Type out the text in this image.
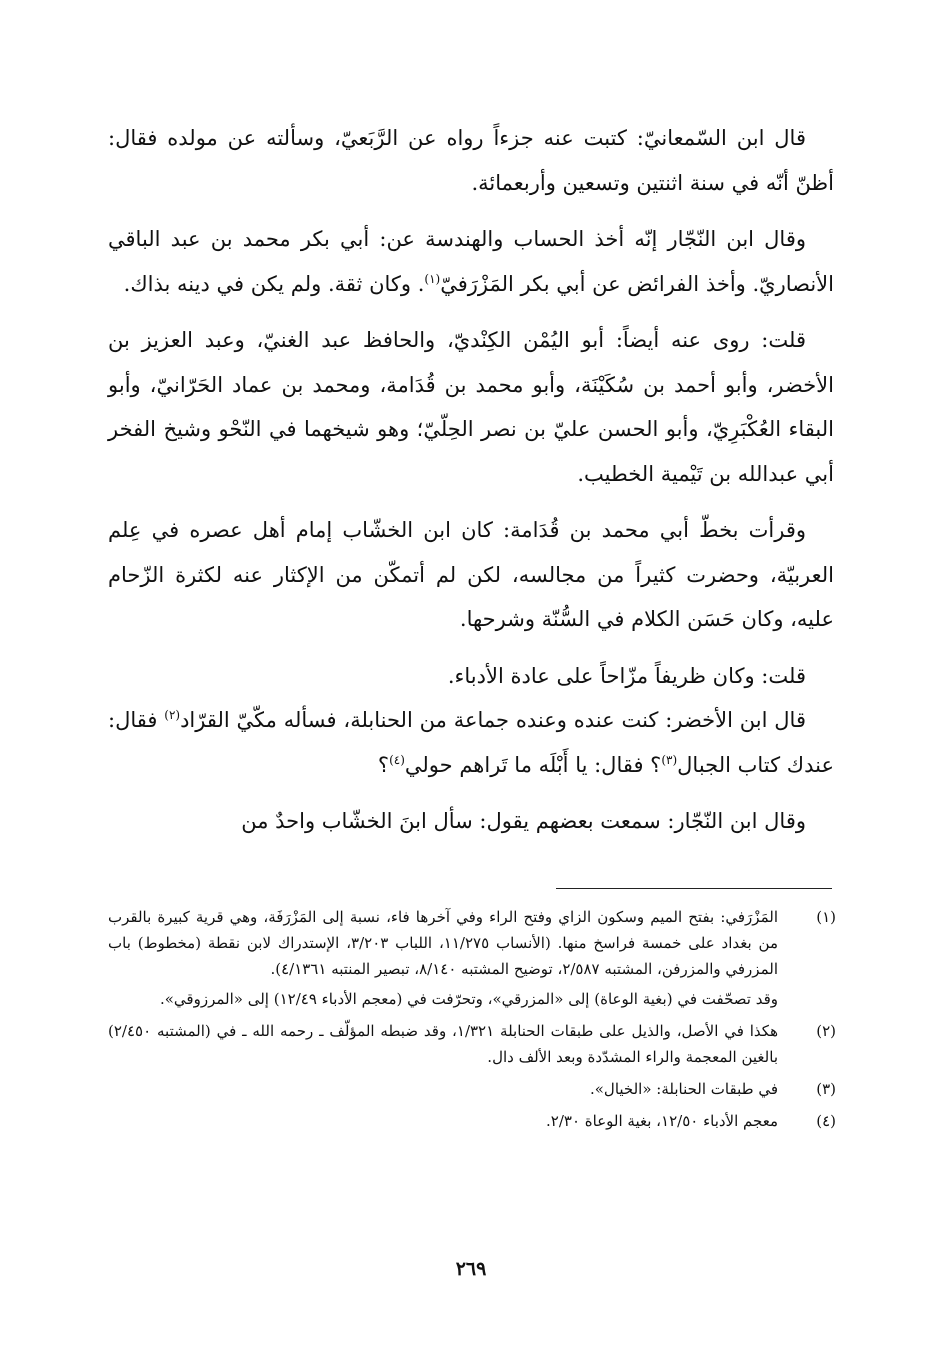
قال ابن السّمعانيّ: كتبت عنه جزءاً رواه عن الرَّبَعيّ، وسألته عن مولده فقال: أظنّ أنّه في سنة اثنتين وتسعين وأربعمائة.

وقال ابن النّجّار إنّه أخذ الحساب والهندسة عن: أبي بكر محمد بن عبد الباقي الأنصاريّ. وأخذ الفرائض عن أبي بكر المَزْرَفيّ$^{(١)}$. وكان ثقة. ولم يكن في دينه بذاك.

قلت: روى عنه أيضاً: أبو اليُمْن الكِنْديّ، والحافظ عبد الغنيّ، وعبد العزيز بن الأخضر، وأبو أحمد بن سُكَيْنَة، وأبو محمد بن قُدَامة، ومحمد بن عماد الحَرّانيّ، وأبو البقاء العُكْبَرِيّ، وأبو الحسن عليّ بن نصر الحِلّيّ؛ وهو شيخهما في النّحْو وشيخ الفخر أبي عبدالله بن تَيْمية الخطيب.

وقرأت بخطّ أبي محمد بن قُدَامة: كان ابن الخشّاب إمام أهل عصره في عِلم العربيّة، وحضرت كثيراً من مجالسه، لكن لم أتمكّن من الإكثار عنه لكثرة الزّحام عليه، وكان حَسَن الكلام في السُّنّة وشرحها.

قلت: وكان ظريفاً مزّاحاً على عادة الأدباء.

قال ابن الأخضر: كنت عنده وعنده جماعة من الحنابلة، فسأله مكّيّ القرّاد$^{(٢)}$ فقال: عندك كتاب الجبال$^{(٣)}$؟ فقال: يا أَبْلَه ما تَراهم حولي$^{(٤)}$؟

وقال ابن النّجّار: سمعت بعضهم يقول: سأل ابنَ الخشّاب واحدٌ من

(١)

المَزْرَفي: بفتح الميم وسكون الزاي وفتح الراء وفي آخرها فاء، نسبة إلى المَزْرَفَة، وهي قرية كبيرة بالقرب من بغداد على خمسة فراسخ منها. (الأنساب ١١/٢٧٥، اللباب ٣/٢٠٣، الإستدراك لابن نقطة (مخطوط) باب المزرفي والمزرفن، المشتبه ٢/٥٨٧، توضيح المشتبه ٨/١٤٠، تبصير المنتبه ٤/١٣٦١).

وقد تصحّفت في (بغية الوعاة) إلى «المزرقي»، وتحرّفت في (معجم الأدباء ١٢/٤٩) إلى «المرزوقي».

(٢)

هكذا في الأصل، والذيل على طبقات الحنابلة ١/٣٢١، وقد ضبطه المؤلّف ـ رحمه الله ـ في (المشتبه ٢/٤٥٠) بالغين المعجمة والراء المشدّدة وبعد الألف دال.

(٣)

في طبقات الحنابلة: «الخيال».

(٤)

معجم الأدباء ١٢/٥٠، بغية الوعاة ٢/٣٠.

٢٦٩
